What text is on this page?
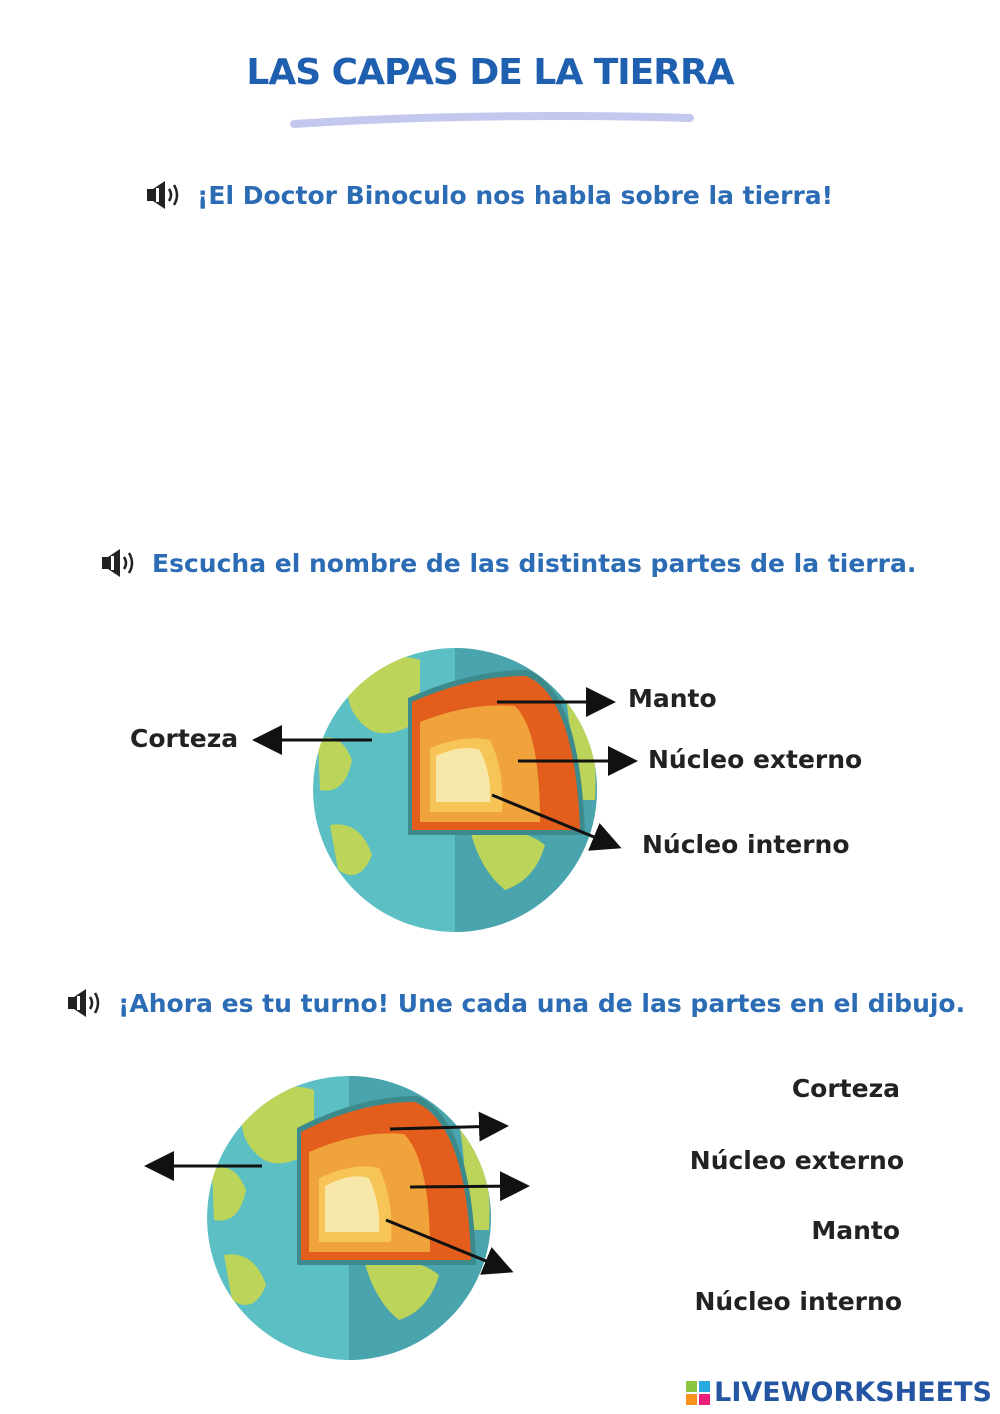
LAS CAPAS DE LA TIERRA
¡El Doctor Binoculo nos habla sobre la tierra!
Escucha el nombre de las distintas partes de la tierra.
Corteza
Manto
Núcleo externo
Núcleo interno
¡Ahora es tu turno! Une cada una de las partes en el dibujo.
Corteza
Núcleo externo
Manto
Núcleo interno
LIVEWORKSHEETS
